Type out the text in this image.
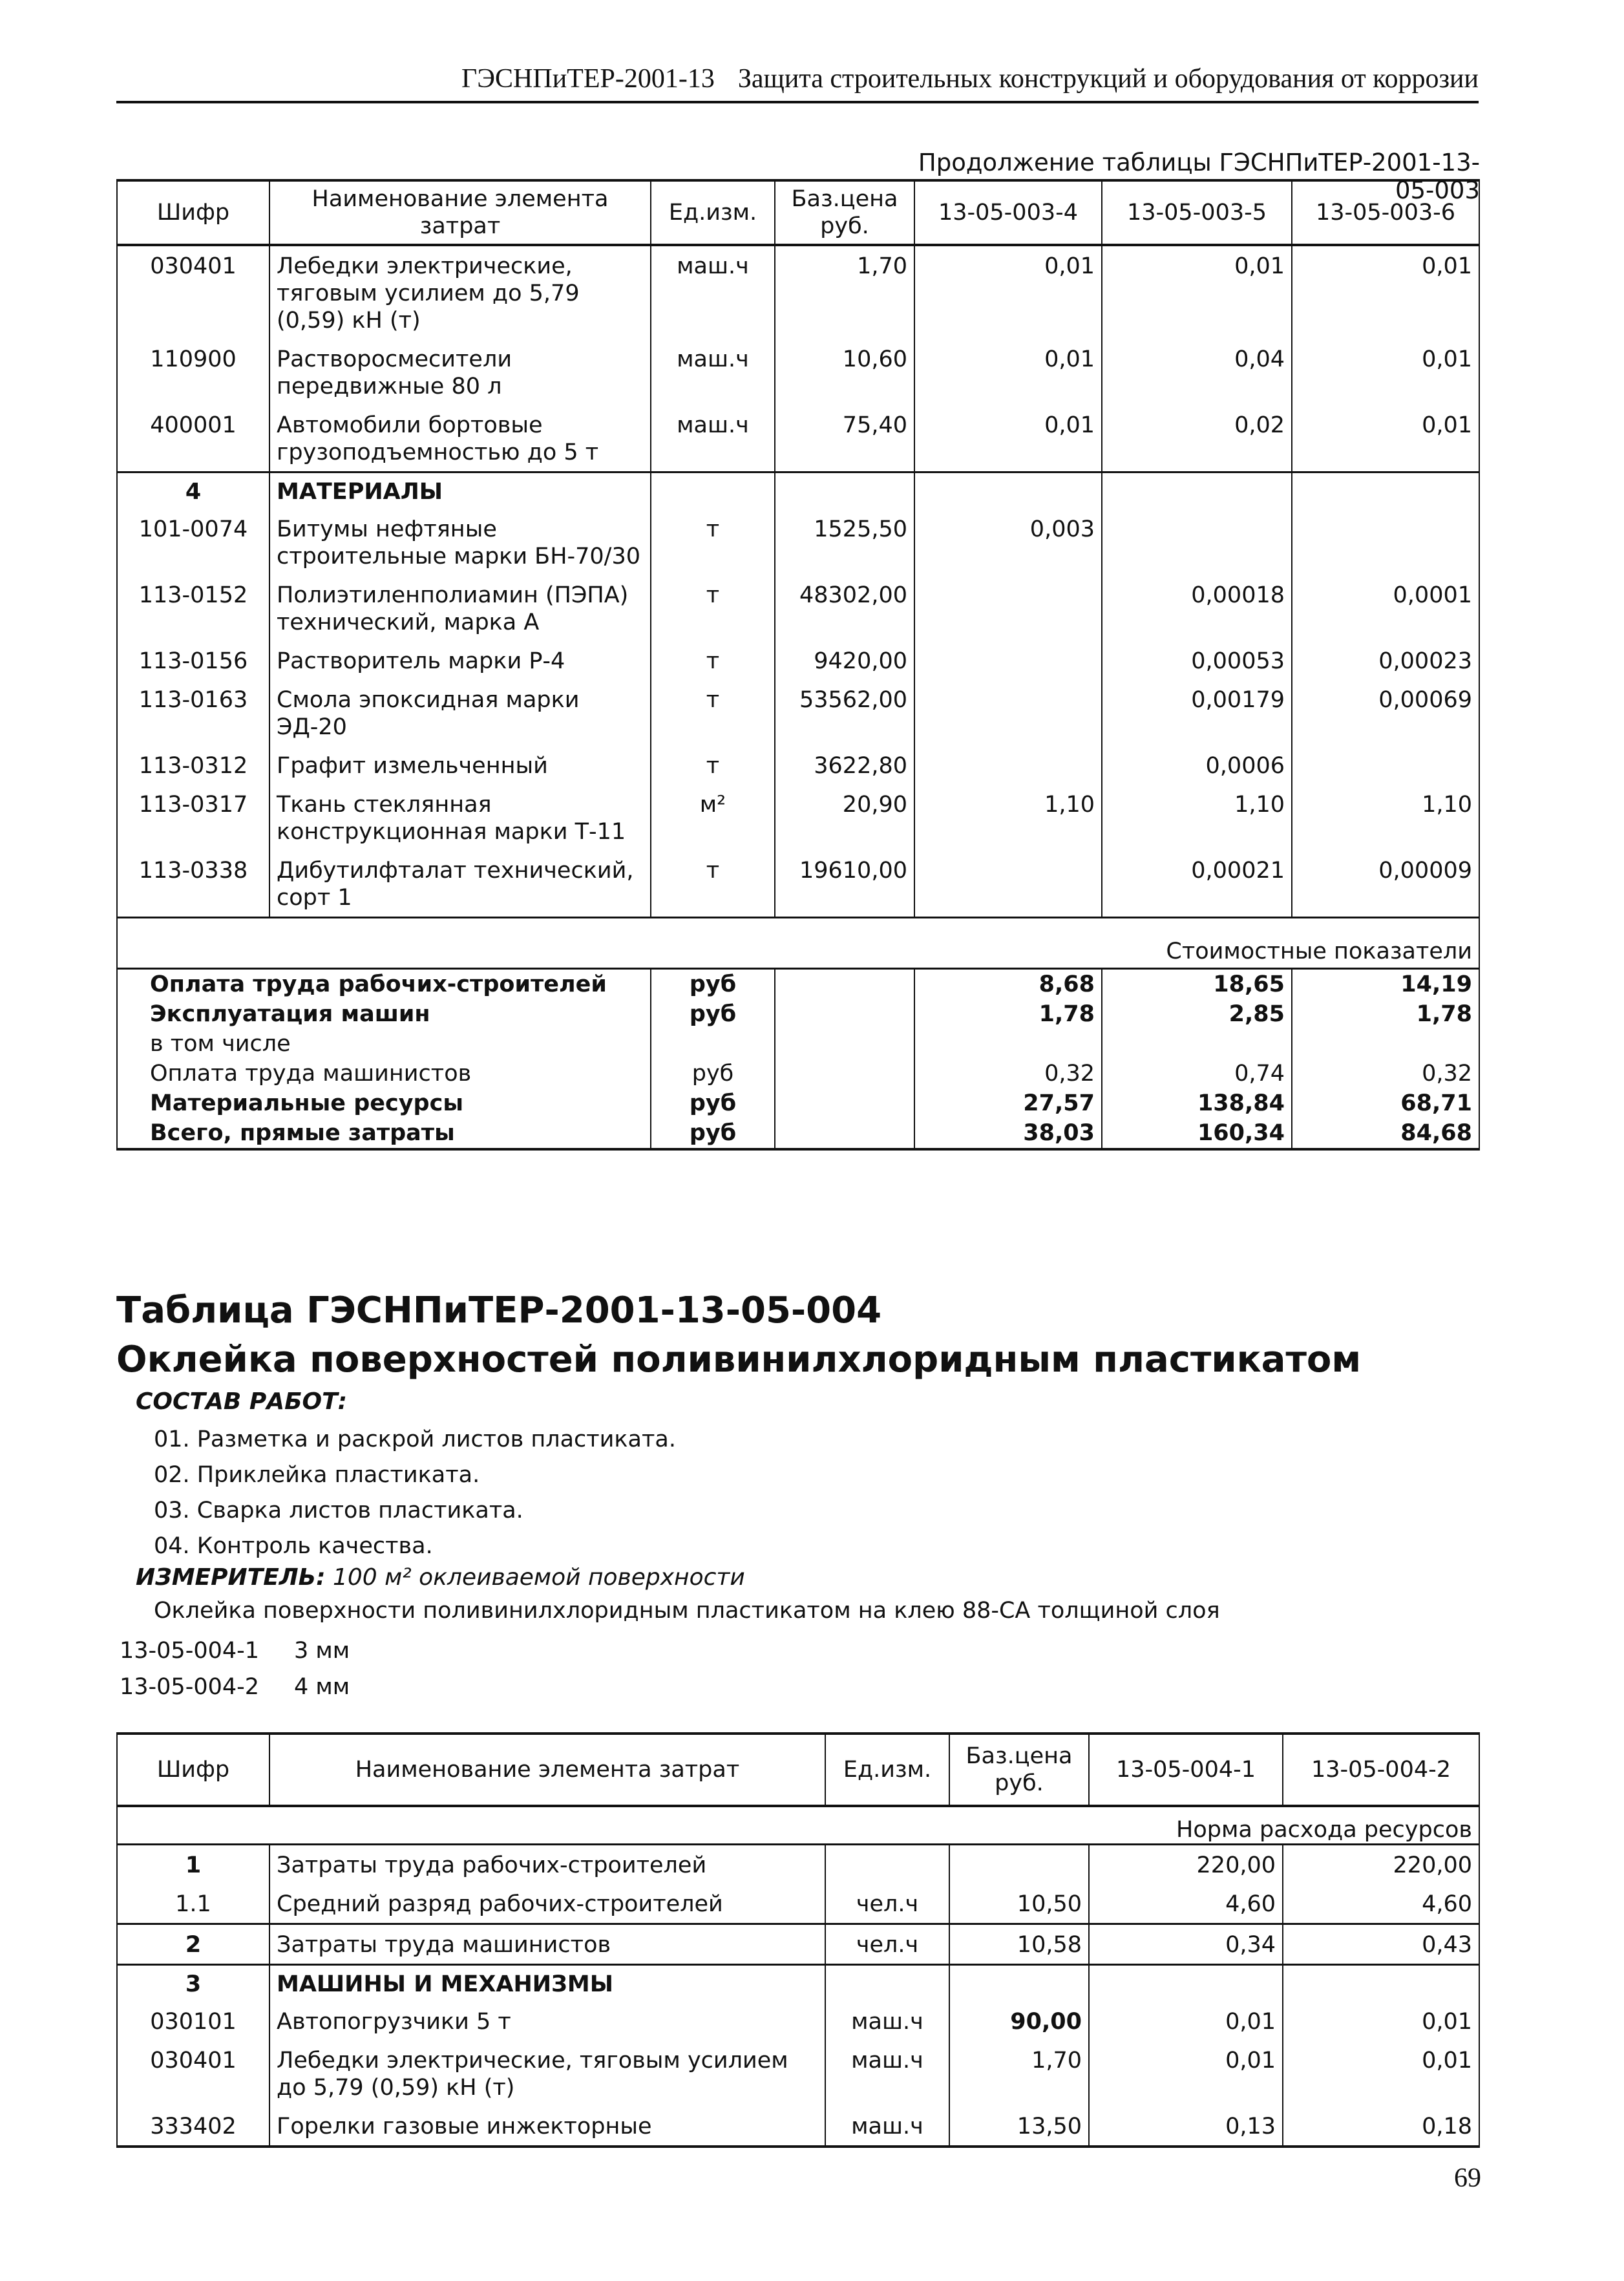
ГЭСНПиТЕР-2001-13 Защита строительных конструкций и оборудования от коррозии
Продолжение таблицы ГЭСНПиТЕР-2001-13-05-003
Шифр	Наименование элемента затрат	Ед.изм.	Баз.цена руб.	13-05-003-4	13-05-003-5	13-05-003-6
030401	Лебедки электрические, тяговым усилием до 5,79 (0,59) кН (т)	маш.ч	1,70	0,01	0,01	0,01
110900	Растворосмесители передвижные 80 л	маш.ч	10,60	0,01	0,04	0,01
400001	Автомобили бортовые грузоподъемностью до 5 т	маш.ч	75,40	0,01	0,02	0,01
4	МАТЕРИАЛЫ					
101-0074	Битумы нефтяные строительные марки БН-70/30	т	1525,50	0,003		
113-0152	Полиэтиленполиамин (ПЭПА) технический, марка А	т	48302,00		0,00018	0,0001
113-0156	Растворитель марки Р-4	т	9420,00		0,00053	0,00023
113-0163	Смола эпоксидная марки ЭД-20	т	53562,00		0,00179	0,00069
113-0312	Графит измельченный	т	3622,80		0,0006	
113-0317	Ткань стеклянная конструкционная марки Т-11	м²	20,90	1,10	1,10	1,10
113-0338	Дибутилфталат технический, сорт 1	т	19610,00		0,00021	0,00009
Стоимостные показатели						
Оплата труда рабочих-строителей		руб		8,68	18,65	14,19
Эксплуатация машин		руб		1,78	2,85	1,78
в том числе						
Оплата труда машинистов		руб		0,32	0,74	0,32
Материальные ресурсы		руб		27,57	138,84	68,71
Всего, прямые затраты		руб		38,03	160,34	84,68
Таблица ГЭСНПиТЕР-2001-13-05-004
Оклейка поверхностей поливинилхлоридным пластикатом
СОСТАВ РАБОТ:
01. Разметка и раскрой листов пластиката.
02. Приклейка пластиката.
03. Сварка листов пластиката.
04. Контроль качества.
ИЗМЕРИТЕЛЬ: 100 м² оклеиваемой поверхности
Оклейка поверхности поливинилхлоридным пластикатом на клею 88-СА толщиной слоя
13-05-004-1 3 мм
13-05-004-2 4 мм
Шифр	Наименование элемента затрат	Ед.изм.	Баз.цена руб.	13-05-004-1	13-05-004-2
Норма расхода ресурсов					
1	Затраты труда рабочих-строителей			220,00	220,00
1.1	Средний разряд рабочих-строителей	чел.ч	10,50	4,60	4,60
2	Затраты труда машинистов	чел.ч	10,58	0,34	0,43
3	МАШИНЫ И МЕХАНИЗМЫ				
030101	Автопогрузчики 5 т	маш.ч	90,00	0,01	0,01
030401	Лебедки электрические, тяговым усилием до 5,79 (0,59) кН (т)	маш.ч	1,70	0,01	0,01
333402	Горелки газовые инжекторные	маш.ч	13,50	0,13	0,18
69
